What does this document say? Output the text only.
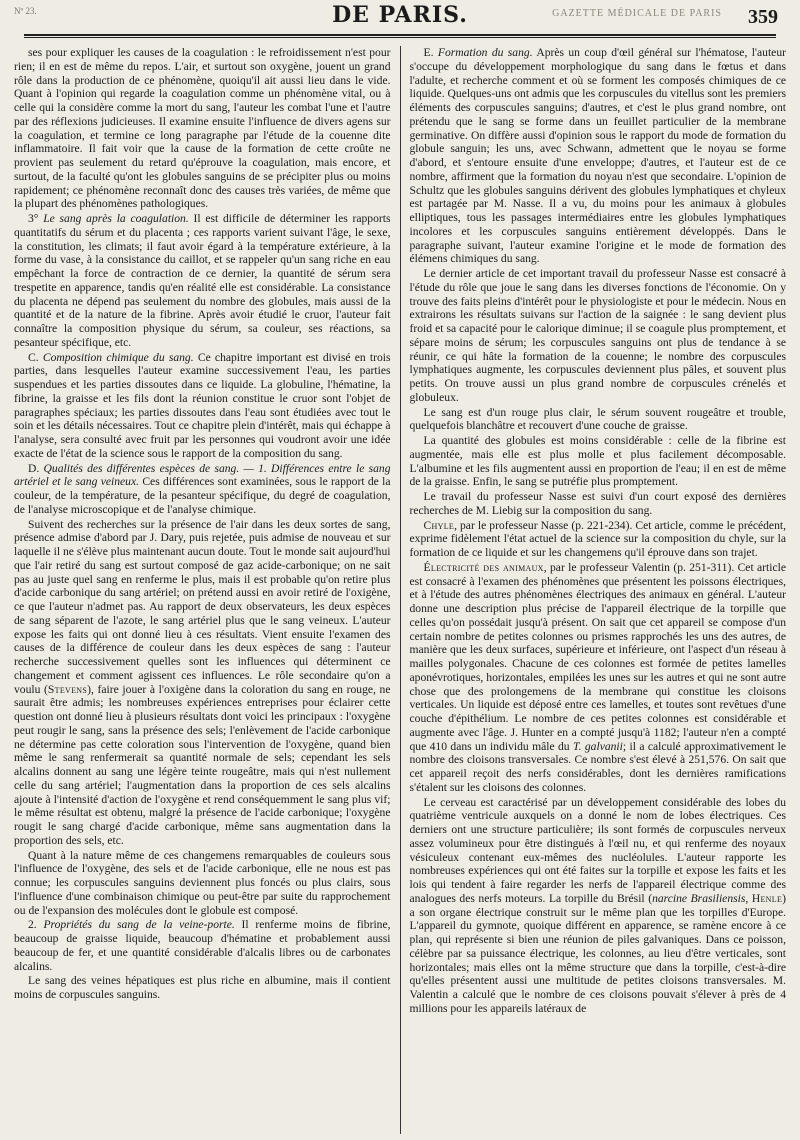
Nº 23.	DE PARIS.	GAZETTE MÉDICALE DE PARIS 359

ses pour expliquer les causes de la coagulation : le refroidissement n'est pour rien; il en est de même du repos. L'air, et surtout son oxygène, jouent un grand rôle dans la production de ce phénomène, quoiqu'il ait aussi lieu dans le vide. Quant à l'opinion qui regarde la coagulation comme un phénomène vital, ou à celle qui la considère comme la mort du sang, l'auteur les combat l'une et l'autre par des réflexions judicieuses. Il examine ensuite l'influence de divers agens sur la coagulation, et termine ce long paragraphe par l'étude de la couenne dite inflammatoire. Il fait voir que la cause de la formation de cette croûte ne provient pas seulement du retard qu'éprouve la coagulation, mais encore, et surtout, de la faculté qu'ont les globules sanguins de se précipiter plus ou moins rapidement; ce phénomène reconnaît donc des causes très variées, de même que la plupart des phénomènes pathologiques.

3° Le sang après la coagulation. Il est difficile de déterminer les rapports quantitatifs du sérum et du placenta ; ces rapports varient suivant l'âge, le sexe, la constitution, les climats; il faut avoir égard à la température extérieure, à la forme du vase, à la consistance du caillot, et se rappeler qu'un sang riche en eau empêchant la force de contraction de ce dernier, la quantité de sérum sera trespetite en apparence, tandis qu'en réalité elle est considérable. La consistance du placenta ne dépend pas seulement du nombre des globules, mais aussi de la quantité et de la nature de la fibrine. Après avoir étudié le cruor, l'auteur fait connaître la composition physique du sérum, sa couleur, ses réactions, sa pesanteur spécifique, etc.

C. Composition chimique du sang. Ce chapitre important est divisé en trois parties, dans lesquelles l'auteur examine successivement l'eau, les parties suspendues et les parties dissoutes dans ce liquide. La globuline, l'hématine, la fibrine, la graisse et les fils dont la réunion constitue le cruor sont l'objet de paragraphes spéciaux; les parties dissoutes dans l'eau sont étudiées avec tout le soin et les détails nécessaires. Tout ce chapitre plein d'intérêt, mais qui échappe à l'analyse, sera consulté avec fruit par les personnes qui voudront avoir une idée exacte de l'état de la science sous le rapport de la composition du sang.

D. Qualités des différentes espèces de sang. — 1. Différences entre le sang artériel et le sang veineux. Ces différences sont examinées, sous le rapport de la couleur, de la température, de la pesanteur spécifique, du degré de coagulation, de l'analyse microscopique et de l'analyse chimique.

Suivent des recherches sur la présence de l'air dans les deux sortes de sang, présence admise d'abord par J. Dary, puis rejetée, puis admise de nouveau et sur laquelle il ne s'élève plus maintenant aucun doute. Tout le monde sait aujourd'hui que l'air retiré du sang est surtout composé de gaz acide-carbonique; on ne sait pas au juste quel sang en renferme le plus, mais il est probable qu'on retire plus d'acide carbonique du sang artériel; on prétend aussi en avoir retiré de l'oxigène, ce que l'auteur n'admet pas. Au rapport de deux observateurs, les deux espèces de sang séparent de l'azote, le sang artériel plus que le sang veineux. L'auteur expose les faits qui ont donné lieu à ces résultats. Vient ensuite l'examen des causes de la différence de couleur dans les deux espèces de sang : l'auteur recherche successivement quelles sont les influences qui déterminent ce changement et comment agissent ces influences. Le rôle secondaire qu'on a voulu (Stevens), faire jouer à l'oxigène dans la coloration du sang en rouge, ne saurait être admis; les nombreuses expériences entreprises pour éclairer cette question ont donné lieu à plusieurs résultats dont voici les principaux : l'oxygène peut rougir le sang, sans la présence des sels; l'enlèvement de l'acide carbonique ne détermine pas cette coloration sous l'intervention de l'oxygène, quand bien même le sang renfermerait sa quantité normale de sels; cependant les sels alcalins donnent au sang une légère teinte rougeâtre, mais qui n'est nullement celle du sang artériel; l'augmentation dans la proportion de ces sels alcalins ajoute à l'intensité d'action de l'oxygène et rend conséquemment le sang plus vif; le même résultat est obtenu, malgré la présence de l'acide carbonique; l'oxygène rougit le sang chargé d'acide carbonique, même sans augmentation dans la proportion des sels, etc.

Quant à la nature même de ces changemens remarquables de couleurs sous l'influence de l'oxygène, des sels et de l'acide carbonique, elle ne nous est pas connue; les corpuscules sanguins deviennent plus foncés ou plus clairs, sous l'influence d'une combinaison chimique ou peut-être par suite du rapprochement ou de l'expansion des molécules dont le globule est composé.

2. Propriétés du sang de la veine-porte. Il renferme moins de fibrine, beaucoup de graisse liquide, beaucoup d'hématine et probablement aussi beaucoup de fer, et une quantité considérable d'alcalis libres ou de carbonates alcalins.

Le sang des veines hépatiques est plus riche en albumine, mais il contient moins de corpuscules sanguins.

E. Formation du sang. Après un coup d'œil général sur l'hématose, l'auteur s'occupe du développement morphologique du sang dans le fœtus et dans l'adulte, et recherche comment et où se forment les composés chimiques de ce liquide. Quelques-uns ont admis que les corpuscules du vitellus sont les premiers éléments des corpuscules sanguins; d'autres, et c'est le plus grand nombre, ont prétendu que le sang se forme dans un feuillet particulier de la membrane germinative. On diffère aussi d'opinion sous le rapport du mode de formation du globule sanguin; les uns, avec Schwann, admettent que le noyau se forme d'abord, et s'entoure ensuite d'une enveloppe; d'autres, et l'auteur est de ce nombre, affirment que la formation du noyau n'est que secondaire. L'opinion de Schultz que les globules sanguins dérivent des globules lymphatiques et chyleux est partagée par M. Nasse. Il a vu, du moins pour les animaux à globules elliptiques, tous les passages intermédiaires entre les globules lymphatiques incolores et les corpuscules sanguins entièrement développés. Dans le paragraphe suivant, l'auteur examine l'origine et le mode de formation des élémens chimiques du sang.

Le dernier article de cet important travail du professeur Nasse est consacré à l'étude du rôle que joue le sang dans les diverses fonctions de l'économie. On y trouve des faits pleins d'intérêt pour le physiologiste et pour le médecin. Nous en extrairons les résultats suivans sur l'action de la saignée : le sang devient plus froid et sa capacité pour le calorique diminue; il se coagule plus promptement, et sépare moins de sérum; les corpuscules sanguins ont plus de tendance à se réunir, ce qui hâte la formation de la couenne; le nombre des corpuscules lymphatiques augmente, les corpuscules deviennent plus pâles, et souvent plus petits. On trouve aussi un plus grand nombre de corpuscules crénelés et globuleux.

Le sang est d'un rouge plus clair, le sérum souvent rougeâtre et trouble, quelquefois blanchâtre et recouvert d'une couche de graisse.

La quantité des globules est moins considérable : celle de la fibrine est augmentée, mais elle est plus molle et plus facilement décomposable. L'albumine et les fils augmentent aussi en proportion de l'eau; il en est de même de la graisse. Enfin, le sang se putréfie plus promptement.

Le travail du professeur Nasse est suivi d'un court exposé des dernières recherches de M. Liebig sur la composition du sang.

Chyle, par le professeur Nasse (p. 221-234). Cet article, comme le précédent, exprime fidèlement l'état actuel de la science sur la composition du chyle, sur la formation de ce liquide et sur les changemens qu'il éprouve dans son trajet.

Électricité des animaux, par le professeur Valentin (p. 251-311). Cet article est consacré à l'examen des phénomènes que présentent les poissons électriques, et à l'étude des autres phénomènes électriques des animaux en général. L'auteur donne une description plus précise de l'appareil électrique de la torpille que celles qu'on possédait jusqu'à présent. On sait que cet appareil se compose d'un certain nombre de petites colonnes ou prismes rapprochés les uns des autres, de manière que les deux surfaces, supérieure et inférieure, ont l'aspect d'un réseau à mailles polygonales. Chacune de ces colonnes est formée de petites lamelles aponévrotiques, horizontales, empilées les unes sur les autres et qui ne sont autre chose que des prolongemens de la membrane qui constitue les cloisons verticales. Un liquide est déposé entre ces lamelles, et toutes sont revêtues d'une couche d'épithélium. Le nombre de ces petites colonnes est considérable et augmente avec l'âge. J. Hunter en a compté jusqu'à 1182; l'auteur n'en a compté que 410 dans un individu mâle du T. galvanii; il a calculé approximativement le nombre des cloisons transversales. Ce nombre s'est élevé à 251,576. On sait que cet appareil reçoit des nerfs considérables, dont les dernières ramifications s'étalent sur les cloisons des colonnes.

Le cerveau est caractérisé par un développement considérable des lobes du quatrième ventricule auxquels on a donné le nom de lobes électriques. Ces derniers ont une structure particulière; ils sont formés de corpuscules nerveux assez volumineux pour être distingués à l'œil nu, et qui renferme des noyaux vésiculeux contenant eux-mêmes des nucléolules. L'auteur rapporte les nombreuses expériences qui ont été faites sur la torpille et expose les faits et les lois qui tendent à faire regarder les nerfs de l'appareil électrique comme des analogues des nerfs moteurs. La torpille du Brésil (narcine Brasiliensis, Henle) a son organe électrique construit sur le même plan que les torpilles d'Europe. L'appareil du gymnote, quoique différent en apparence, se ramène encore à ce plan, qui représente si bien une réunion de piles galvaniques. Dans ce poisson, célèbre par sa puissance électrique, les colonnes, au lieu d'être verticales, sont horizontales; mais elles ont la même structure que dans la torpille, c'est-à-dire qu'elles présentent aussi une multitude de petites cloisons transversales. M. Valentin a calculé que le nombre de ces cloisons pouvait s'élever à près de 4 millions pour les appareils latéraux de
